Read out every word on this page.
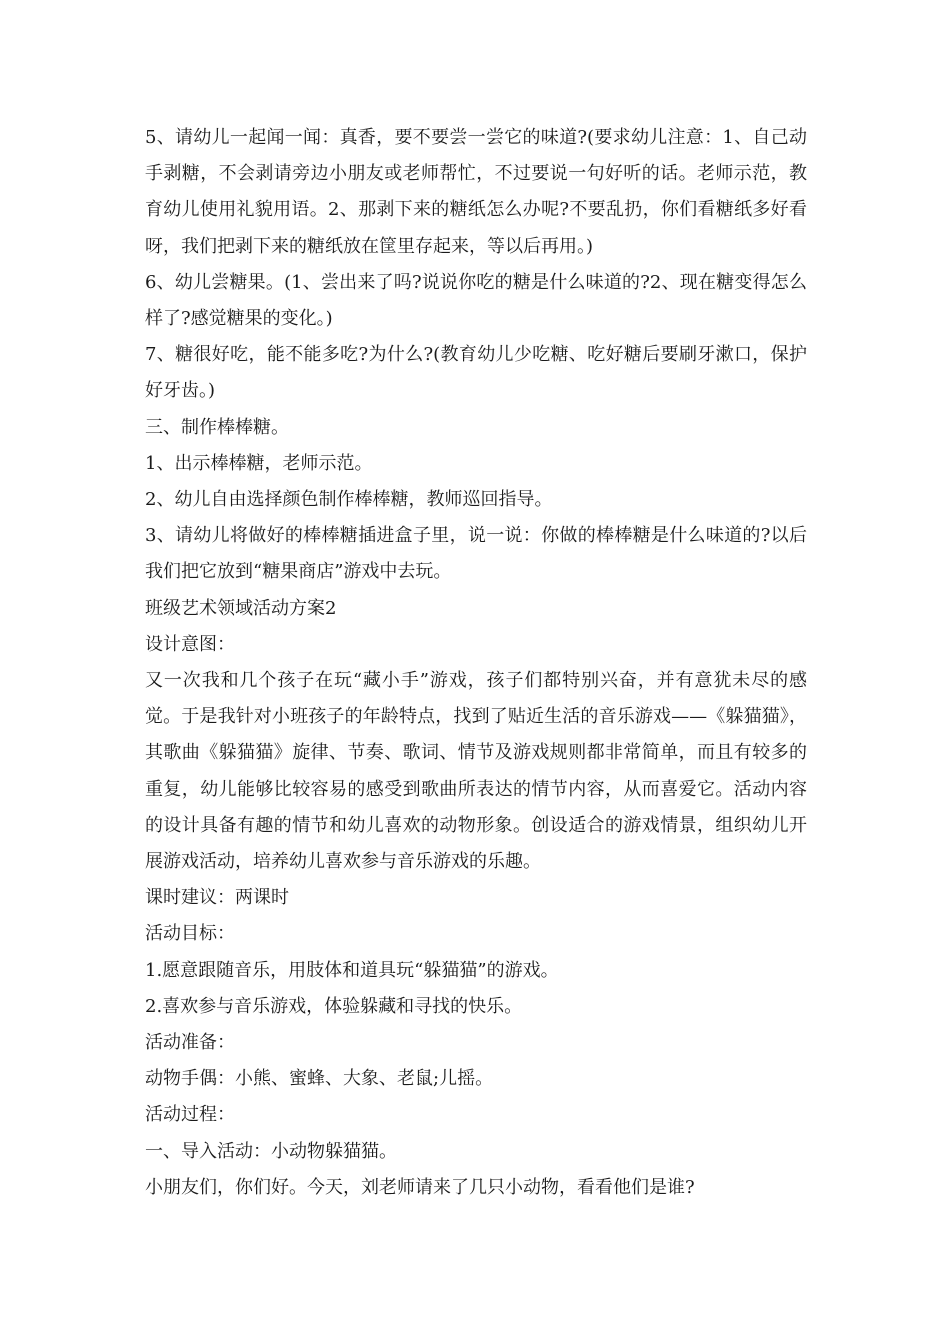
5、请幼儿一起闻一闻：真香，要不要尝一尝它的味道?(要求幼儿注意：1、自己动手剥糖，不会剥请旁边小朋友或老师帮忙，不过要说一句好听的话。老师示范，教育幼儿使用礼貌用语。2、那剥下来的糖纸怎么办呢?不要乱扔，你们看糖纸多好看呀，我们把剥下来的糖纸放在筐里存起来，等以后再用。)

6、幼儿尝糖果。(1、尝出来了吗?说说你吃的糖是什么味道的?2、现在糖变得怎么样了?感觉糖果的变化。)

7、糖很好吃，能不能多吃?为什么?(教育幼儿少吃糖、吃好糖后要刷牙漱口，保护好牙齿。)

三、制作棒棒糖。

1、出示棒棒糖，老师示范。

2、幼儿自由选择颜色制作棒棒糖，教师巡回指导。

3、请幼儿将做好的棒棒糖插进盒子里，说一说：你做的棒棒糖是什么味道的?以后我们把它放到“糖果商店”游戏中去玩。

班级艺术领域活动方案2

设计意图：

又一次我和几个孩子在玩“藏小手”游戏，孩子们都特别兴奋，并有意犹未尽的感觉。于是我针对小班孩子的年龄特点，找到了贴近生活的音乐游戏——《躲猫猫》，其歌曲《躲猫猫》旋律、节奏、歌词、情节及游戏规则都非常简单，而且有较多的重复，幼儿能够比较容易的感受到歌曲所表达的情节内容，从而喜爱它。活动内容的设计具备有趣的情节和幼儿喜欢的动物形象。创设适合的游戏情景，组织幼儿开展游戏活动，培养幼儿喜欢参与音乐游戏的乐趣。

课时建议：两课时

活动目标：

1.愿意跟随音乐，用肢体和道具玩“躲猫猫”的游戏。

2.喜欢参与音乐游戏，体验躲藏和寻找的快乐。

活动准备：

动物手偶：小熊、蜜蜂、大象、老鼠;儿摇。

活动过程：

一、导入活动：小动物躲猫猫。

小朋友们，你们好。今天，刘老师请来了几只小动物，看看他们是谁?
